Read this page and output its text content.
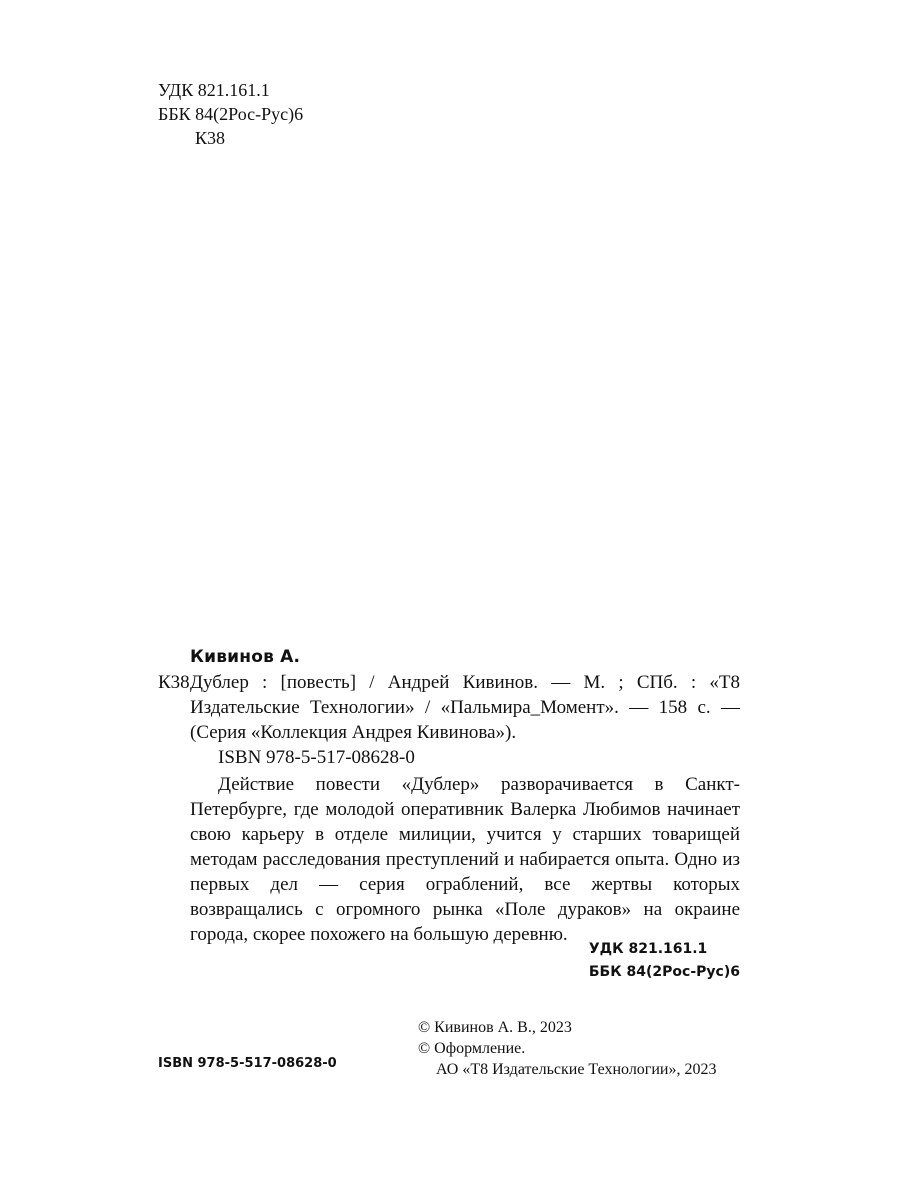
УДК 821.161.1
ББК 84(2Рос-Рус)6
К38
Кивинов А.
К38 Дублер : [повесть] / Андрей Кивинов. — М. ; СПб. : «Т8 Издательские Технологии» / «Пальмира_Момент». — 158 с. — (Серия «Коллекция Андрея Кивинова»).
ISBN 978-5-517-08628-0
Действие повести «Дублер» разворачивается в Санкт-Петербурге, где молодой оперативник Валерка Любимов начинает свою карьеру в отделе милиции, учится у старших товарищей методам расследования преступлений и набирается опыта. Одно из первых дел — серия ограблений, все жертвы которых возвращались с огромного рынка «Поле дураков» на окраине города, скорее похожего на большую деревню.
УДК 821.161.1
ББК 84(2Рос-Рус)6
© Кивинов А. В., 2023
© Оформление.
АО «Т8 Издательские Технологии», 2023
ISBN 978-5-517-08628-0
